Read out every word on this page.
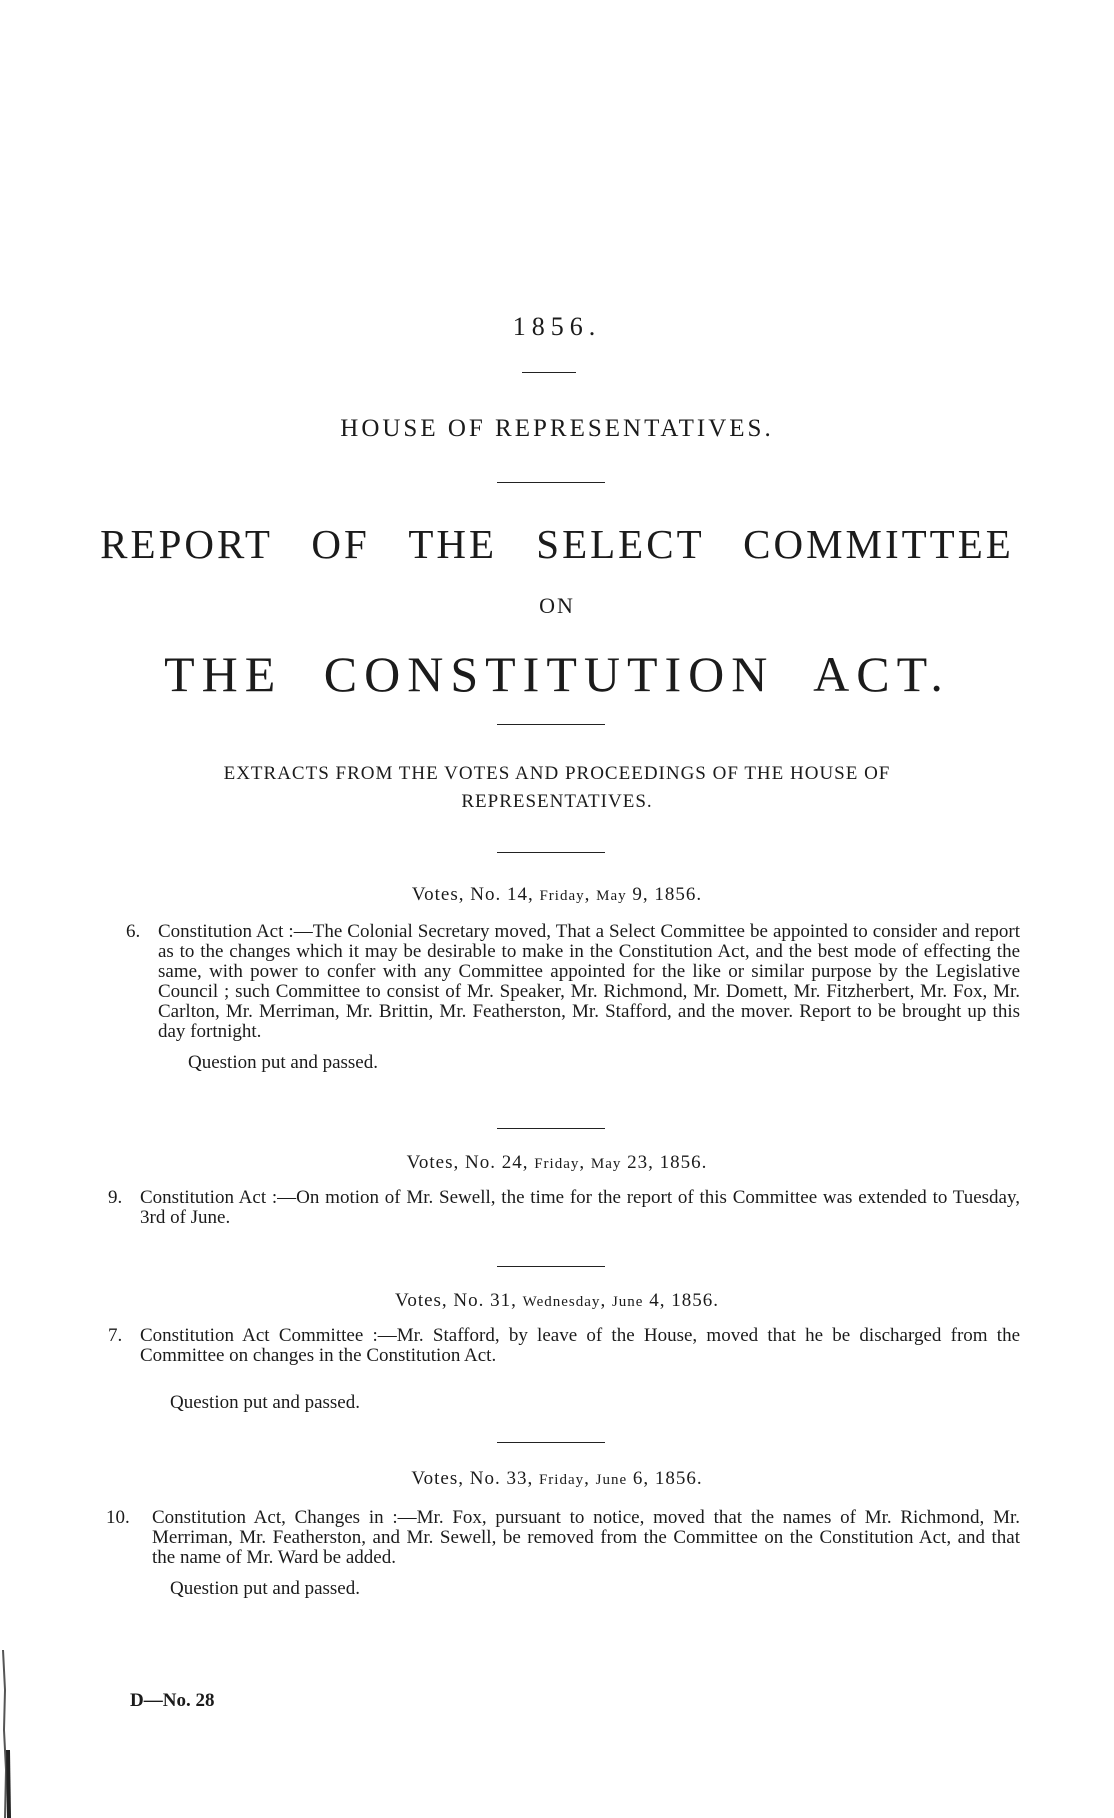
1856.
HOUSE OF REPRESENTATIVES.
REPORT OF THE SELECT COMMITTEE
ON
THE CONSTITUTION ACT.
EXTRACTS FROM THE VOTES AND PROCEEDINGS OF THE HOUSE OF
REPRESENTATIVES.
Votes, No. 14, Friday, May 9, 1856.
6. Constitution Act :—The Colonial Secretary moved, That a Select Committee be appointed to consider and report as to the changes which it may be desirable to make in the Constitution Act, and the best mode of effecting the same, with power to confer with any Committee appointed for the like or similar purpose by the Legislative Council ; such Committee to consist of Mr. Speaker, Mr. Richmond, Mr. Domett, Mr. Fitzherbert, Mr. Fox, Mr. Carlton, Mr. Merriman, Mr. Brittin, Mr. Featherston, Mr. Stafford, and the mover. Report to be brought up this day fortnight.
Question put and passed.
Votes, No. 24, Friday, May 23, 1856.
9. Constitution Act :—On motion of Mr. Sewell, the time for the report of this Committee was extended to Tuesday, 3rd of June.
Votes, No. 31, Wednesday, June 4, 1856.
7. Constitution Act Committee :—Mr. Stafford, by leave of the House, moved that he be discharged from the Committee on changes in the Constitution Act.
Question put and passed.
Votes, No. 33, Friday, June 6, 1856.
10. Constitution Act, Changes in :—Mr. Fox, pursuant to notice, moved that the names of Mr. Richmond, Mr. Merriman, Mr. Featherston, and Mr. Sewell, be removed from the Committee on the Constitution Act, and that the name of Mr. Ward be added.
Question put and passed.
D—No. 28
